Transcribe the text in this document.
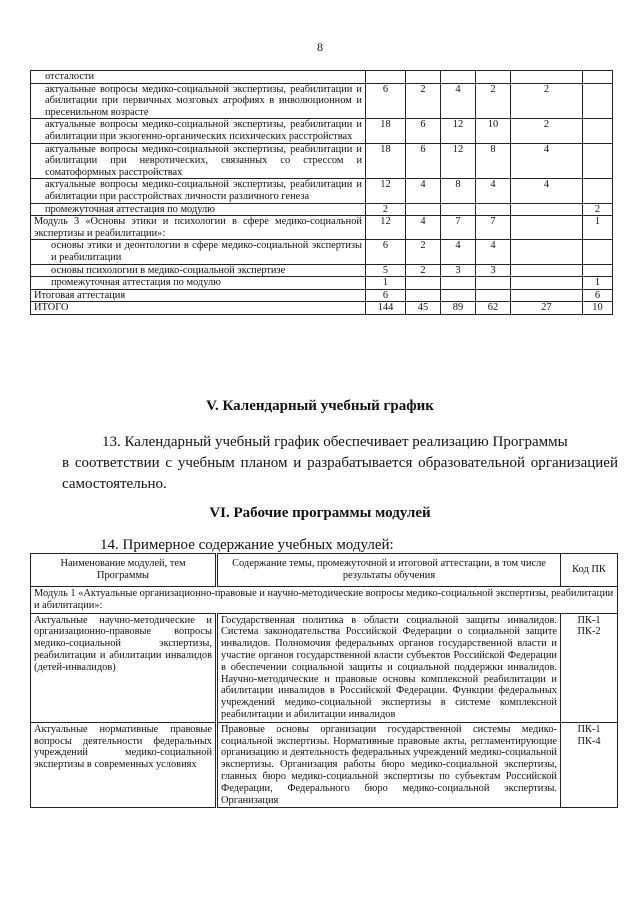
8
отсталости						
актуальные вопросы медико-социальной экспертизы, реабилитации и абилитации при первичных мозговых атрофиях в инволюционном и пресенильном возрасте	6	2	4	2	2	
актуальные вопросы медико-социальной экспертизы, реабилитации и абилитации при экзогенно-органических психических расстройствах	18	6	12	10	2	
актуальные вопросы медико-социальной экспертизы, реабилитации и абилитации при невротических, связанных со стрессом и соматоформных расстройствах	18	6	12	8	4	
актуальные вопросы медико-социальной экспертизы, реабилитации и абилитации при расстройствах личности различного генеза	12	4	8	4	4	
промежуточная аттестация по модулю	2					2
Модуль 3 «Основы этики и психологии в сфере медико-социальной экспертизы и реабилитации»:	12	4	7	7		1
основы этики и деонтологии в сфере медико-социальной экспертизы и реабилитации	6	2	4	4		
основы психологии в медико-социальной экспертизе	5	2	3	3		
промежуточная аттестация по модулю	1					1
Итоговая аттестация	6					6
ИТОГО	144	45	89	62	27	10
V. Календарный учебный график
13. Календарный учебный график обеспечивает реализацию Программы
в соответствии с учебным планом и разрабатывается образовательной организацией самостоятельно.
VI. Рабочие программы модулей
14. Примерное содержание учебных модулей:
Наименование модулей, тем Программы	Содержание темы, промежуточной и итоговой аттестации, в том числе результаты обучения	Код ПК
Модуль 1 «Актуальные организационно-правовые и научно-методические вопросы медико-социальной экспертизы, реабилитации и абилитации»:		
Актуальные научно-методические и организационно-правовые вопросы медико-социальной экспертизы, реабилитации и абилитации инвалидов (детей-инвалидов)	Государственная политика в области социальной защиты инвалидов. Система законодательства Российской Федерации о социальной защите инвалидов. Полномочия федеральных органов государственной власти и участие органов государственной власти субъектов Российской Федерации в обеспечении социальной защиты и социальной поддержки инвалидов. Научно-методические и правовые основы комплексной реабилитации и абилитации инвалидов в Российской Федерации. Функции федеральных учреждений медико-социальной экспертизы в системе комплексной реабилитации и абилитации инвалидов	ПК-1
ПК-2

Актуальные нормативные правовые вопросы деятельности федеральных учреждений медико-социальной экспертизы в современных условиях	Правовые основы организации государственной системы медико-социальной экспертизы. Нормативные правовые акты, регламентирующие организацию и деятельность федеральных учреждений медико-социальной экспертизы. Организация работы бюро медико-социальной экспертизы, главных бюро медико-социальной экспертизы по субъектам Российской Федерации, Федерального бюро медико-социальной экспертизы. Организация	ПК-1
ПК-4
